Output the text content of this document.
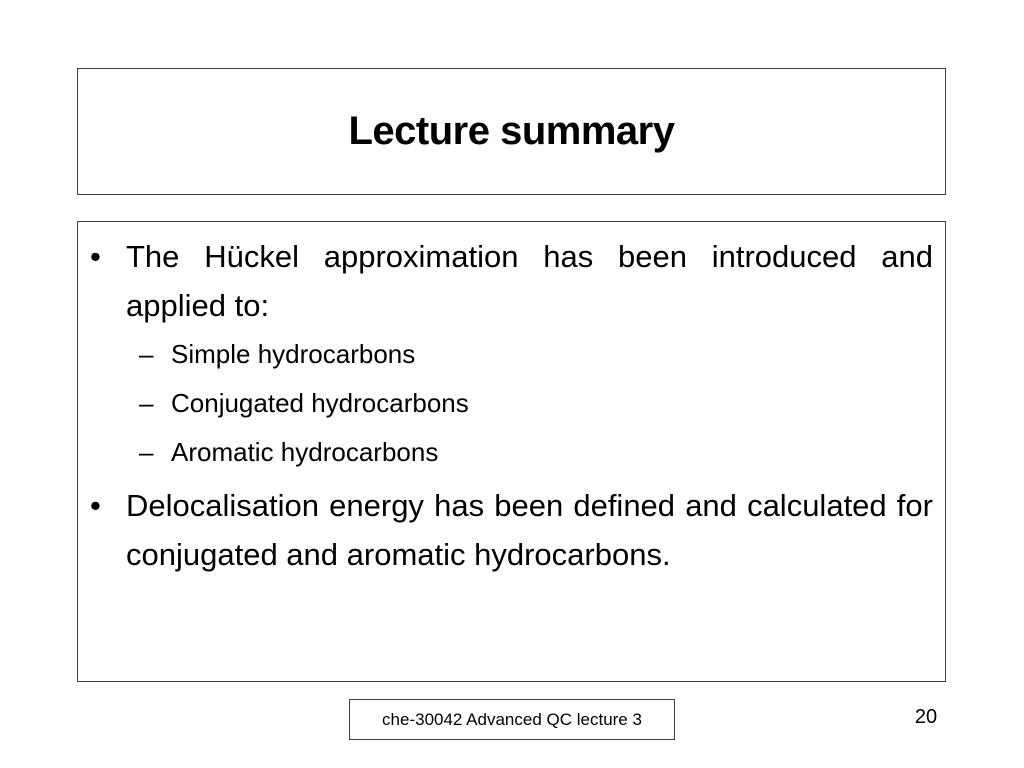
Lecture summary
• The Hückel approximation has been introduced and applied to:
– Simple hydrocarbons
– Conjugated hydrocarbons
– Aromatic hydrocarbons
• Delocalisation energy has been defined and calculated for conjugated and aromatic hydrocarbons.
che-30042 Advanced QC lecture 3	20
